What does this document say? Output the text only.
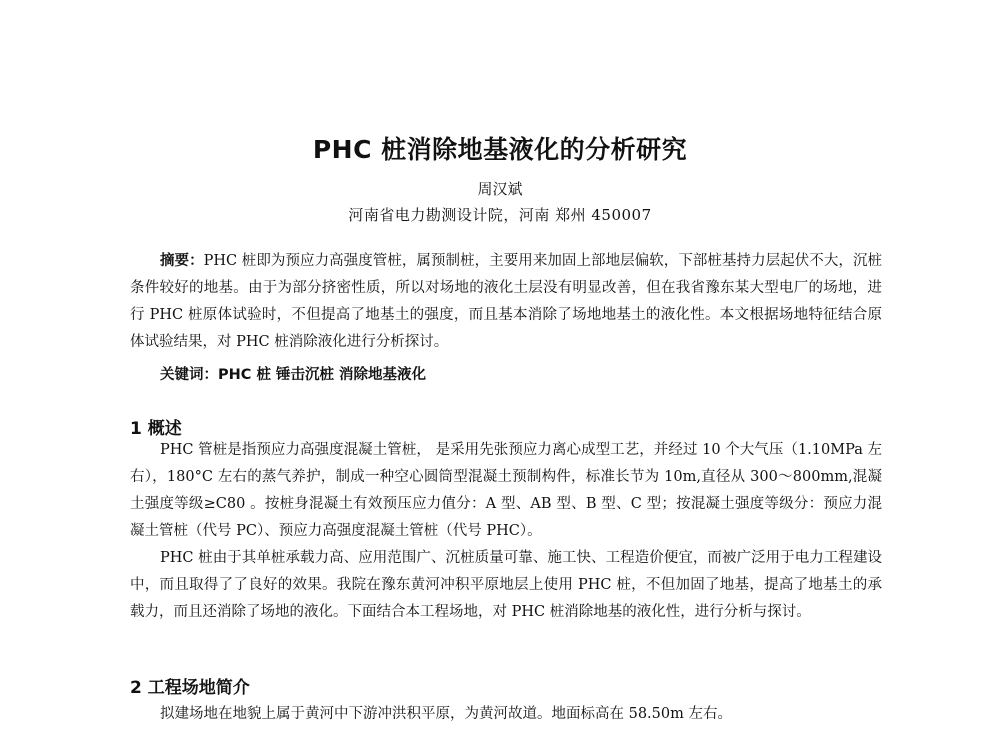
PHC 桩消除地基液化的分析研究
周汉斌
河南省电力勘测设计院，河南 郑州 450007

摘要：PHC 桩即为预应力高强度管桩，属预制桩，主要用来加固上部地层偏软，下部桩基持力层起伏不大，沉桩条件较好的地基。由于为部分挤密性质，所以对场地的液化土层没有明显改善，但在我省豫东某大型电厂的场地，进行 PHC 桩原体试验时，不但提高了地基土的强度，而且基本消除了场地地基土的液化性。本文根据场地特征结合原体试验结果，对 PHC 桩消除液化进行分析探讨。

关键词：PHC 桩 锤击沉桩 消除地基液化
1 概述

PHC 管桩是指预应力高强度混凝土管桩， 是采用先张预应力离心成型工艺，并经过 10 个大气压（1.10MPa 左右），180°C 左右的蒸气养护，制成一种空心圆筒型混凝土预制构件，标准长节为 10m,直径从 300～800mm,混凝土强度等级≥C80 。按桩身混凝土有效预压应力值分：A 型、AB 型、B 型、C 型；按混凝土强度等级分：预应力混凝土管桩（代号 PC）、预应力高强度混凝土管桩（代号 PHC）。

PHC 桩由于其单桩承载力高、应用范围广、沉桩质量可靠、施工快、工程造价便宜，而被广泛用于电力工程建设中，而且取得了了良好的效果。我院在豫东黄河冲积平原地层上使用 PHC 桩，不但加固了地基，提高了地基土的承载力，而且还消除了场地的液化。下面结合本工程场地，对 PHC 桩消除地基的液化性，进行分析与探讨。

2 工程场地简介

拟建场地在地貌上属于黄河中下游冲洪积平原，为黄河故道。地面标高在 58.50m 左右。
